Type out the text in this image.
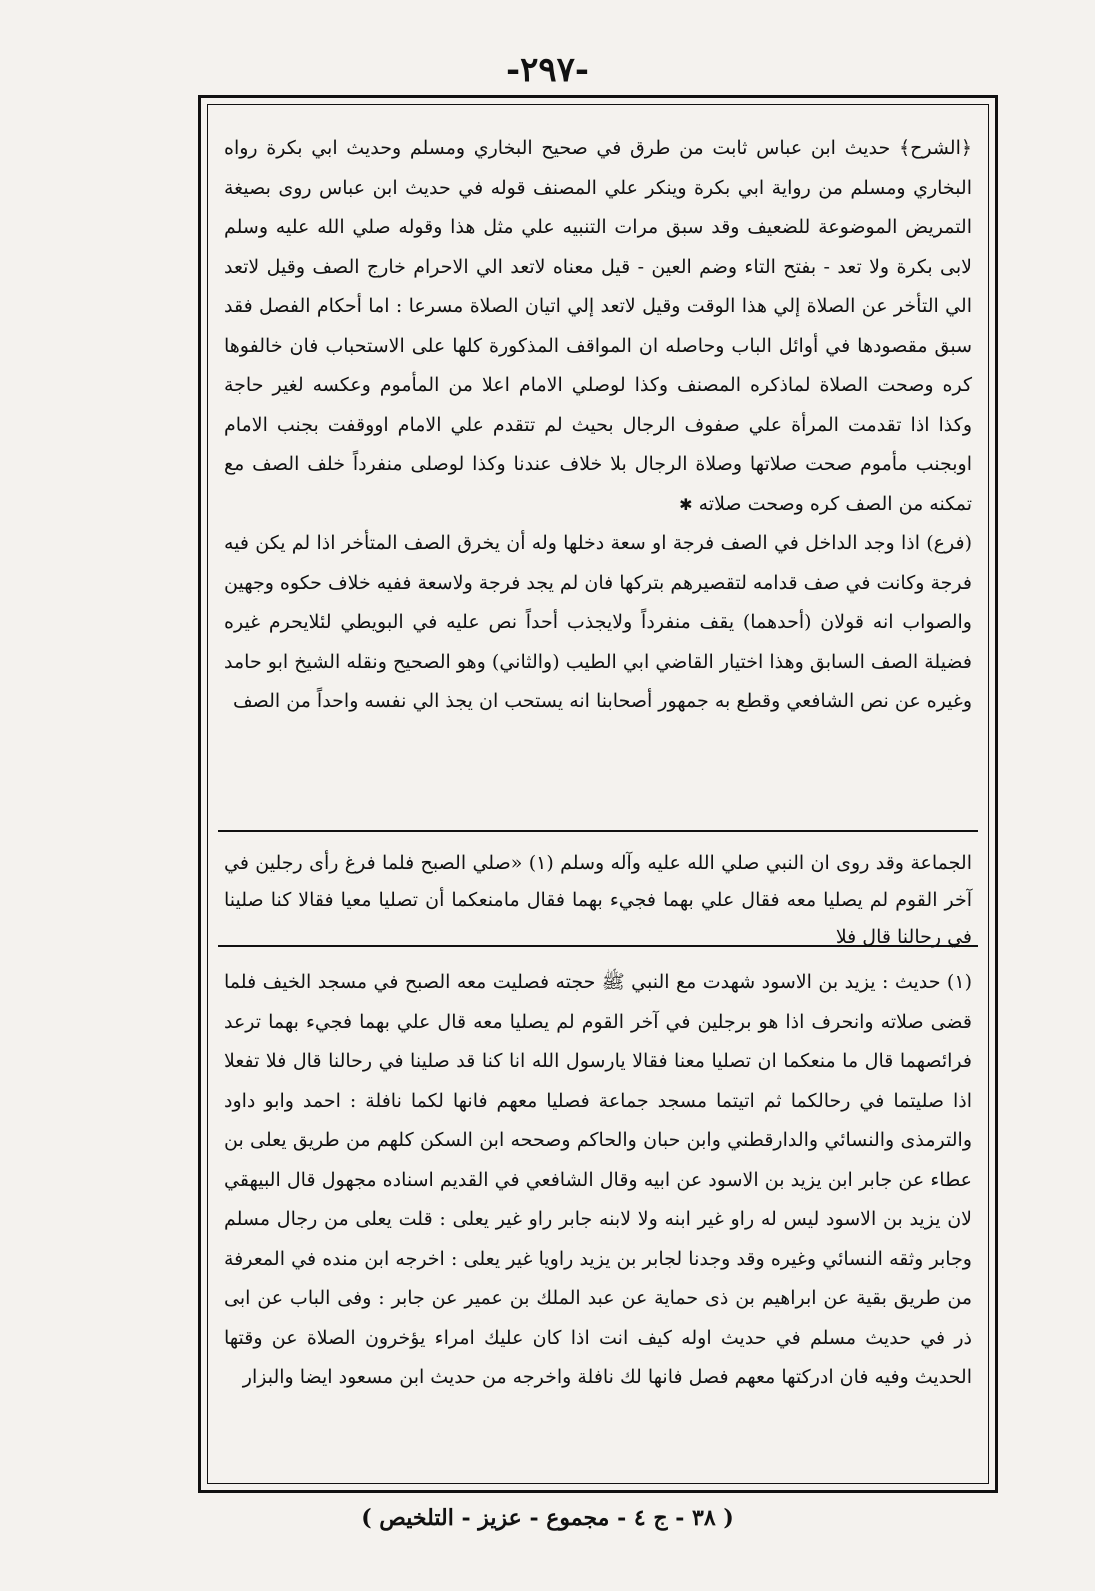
-٢٩٧-

﴿الشرح﴾ حديث ابن عباس ثابت من طرق في صحيح البخاري ومسلم وحديث ابي بكرة رواه البخاري ومسلم من رواية ابي بكرة وينكر علي المصنف قوله في حديث ابن عباس روى بصيغة التمريض الموضوعة للضعيف وقد سبق مرات التنبيه علي مثل هذا وقوله صلي الله عليه وسلم لابى بكرة ولا تعد - بفتح التاء وضم العين - قيل معناه لاتعد الي الاحرام خارج الصف وقيل لاتعد الي التأخر عن الصلاة إلي هذا الوقت وقيل لاتعد إلي اتيان الصلاة مسرعا : اما أحكام الفصل فقد سبق مقصودها في أوائل الباب وحاصله ان المواقف المذكورة كلها على الاستحباب فان خالفوها كره وصحت الصلاة لماذكره المصنف وكذا لوصلي الامام اعلا من المأموم وعكسه لغير حاجة وكذا اذا تقدمت المرأة علي صفوف الرجال بحيث لم تتقدم علي الامام اووقفت بجنب الامام اوبجنب مأموم صحت صلاتها وصلاة الرجال بلا خلاف عندنا وكذا لوصلى منفرداً خلف الصف مع تمكنه من الصف كره وصحت صلاته ✱

(فرع) اذا وجد الداخل في الصف فرجة او سعة دخلها وله أن يخرق الصف المتأخر اذا لم يكن فيه فرجة وكانت في صف قدامه لتقصيرهم بتركها فان لم يجد فرجة ولاسعة ففيه خلاف حكوه وجهين والصواب انه قولان (أحدهما) يقف منفرداً ولايجذب أحداً نص عليه في البويطي لئلايحرم غيره فضيلة الصف السابق وهذا اختيار القاضي ابي الطيب (والثاني) وهو الصحيح ونقله الشيخ ابو حامد وغيره عن نص الشافعي وقطع به جمهور أصحابنا انه يستحب ان يجذ الي نفسه واحداً من الصف

الجماعة وقد روى ان النبي صلي الله عليه وآله وسلم (١) «صلي الصبح فلما فرغ رأى رجلين في آخر القوم لم يصليا معه فقال علي بهما فجيء بهما فقال مامنعكما أن تصليا معيا فقالا كنا صلينا في رحالنا قال فلا

(١) حديث : يزيد بن الاسود شهدت مع النبي ﷺ حجته فصليت معه الصبح في مسجد الخيف فلما قضى صلاته وانحرف اذا هو برجلين في آخر القوم لم يصليا معه قال علي بهما فجيء بهما ترعد فرائصهما قال ما منعكما ان تصليا معنا فقالا يارسول الله انا كنا قد صلينا في رحالنا قال فلا تفعلا اذا صليتما في رحالكما ثم اتيتما مسجد جماعة فصليا معهم فانها لكما نافلة : احمد وابو داود والترمذى والنسائي والدارقطني وابن حبان والحاكم وصححه ابن السكن كلهم من طريق يعلى بن عطاء عن جابر ابن يزيد بن الاسود عن ابيه وقال الشافعي في القديم اسناده مجهول قال البيهقي لان يزيد بن الاسود ليس له راو غير ابنه ولا لابنه جابر راو غير يعلى : قلت يعلى من رجال مسلم وجابر وثقه النسائي وغيره وقد وجدنا لجابر بن يزيد راويا غير يعلى : اخرجه ابن منده في المعرفة من طريق بقية عن ابراهيم بن ذى حماية عن عبد الملك بن عمير عن جابر : وفى الباب عن ابى ذر في حديث مسلم في حديث اوله كيف انت اذا كان عليك امراء يؤخرون الصلاة عن وقتها الحديث وفيه فان ادركتها معهم فصل فانها لك نافلة واخرجه من حديث ابن مسعود ايضا والبزار

( ٣٨ - ج ٤ - مجموع - عزيز - التلخيص )
